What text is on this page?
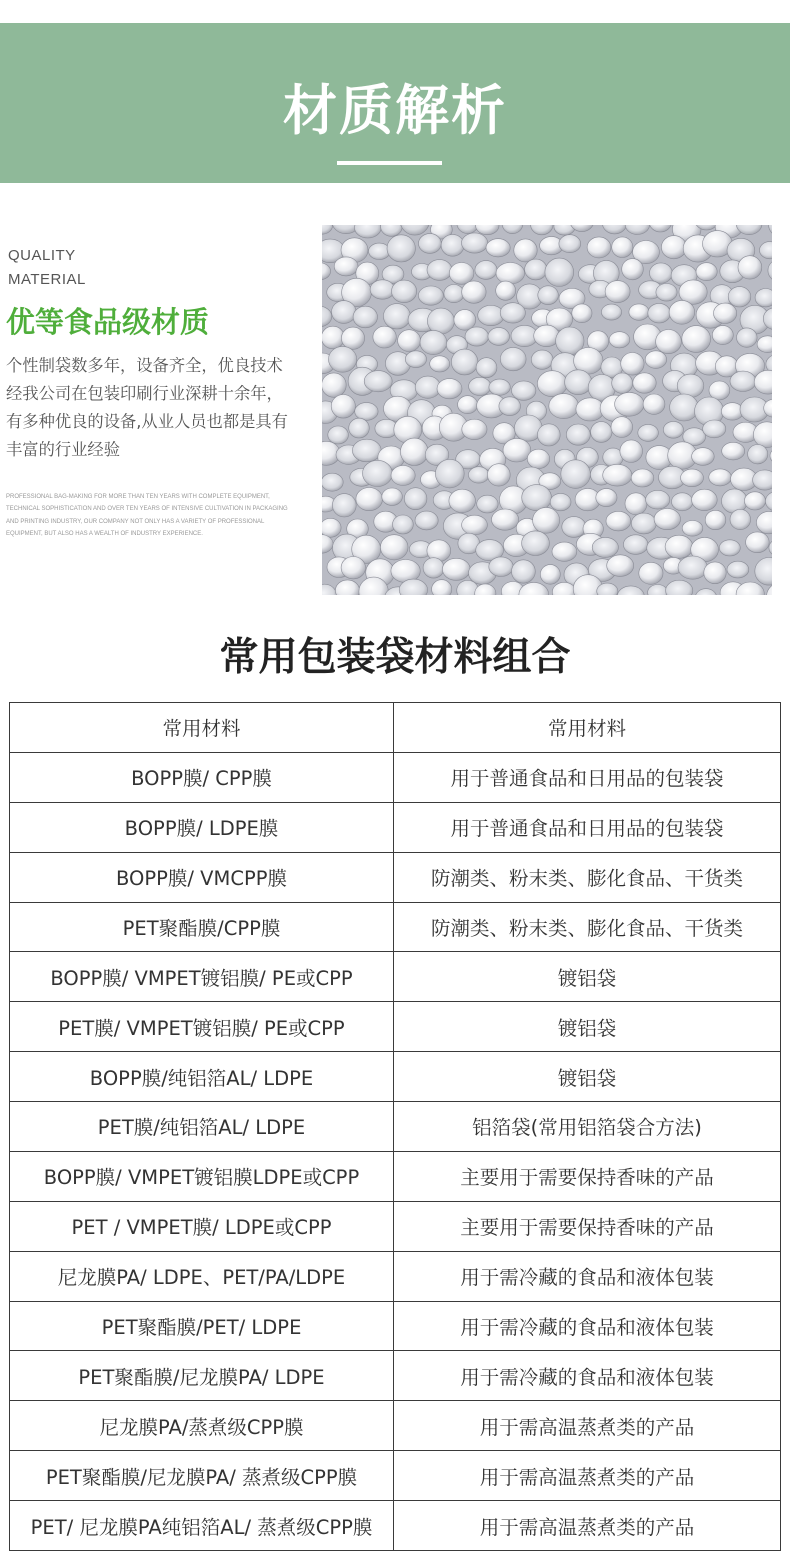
材质解析
QUALITY
MATERIAL
优等食品级材质
个性制袋数多年，设备齐全，优良技术
经我公司在包装印刷行业深耕十余年，
有多种优良的设备,从业人员也都是具有
丰富的行业经验
PROFESSIONAL BAG-MAKING FOR MORE THAN TEN YEARS WITH COMPLETE EQUIPMENT,
TECHNICAL SOPHISTICATION AND OVER TEN YEARS OF INTENSIVE CULTIVATION IN PACKAGING
AND PRINTING INDUSTRY, OUR COMPANY NOT ONLY HAS A VARIETY OF PROFESSIONAL
EQUIPMENT, BUT ALSO HAS A WEALTH OF INDUSTRY EXPERIENCE.
常用包装袋材料组合
常用材料	常用材料
BOPP膜/ CPP膜	用于普通食品和日用品的包装袋
BOPP膜/ LDPE膜	用于普通食品和日用品的包装袋
BOPP膜/ VMCPP膜	防潮类、粉末类、膨化食品、干货类
PET聚酯膜/CPP膜	防潮类、粉末类、膨化食品、干货类
BOPP膜/ VMPET镀铝膜/ PE或CPP	镀铝袋
PET膜/ VMPET镀铝膜/ PE或CPP	镀铝袋
BOPP膜/纯铝箔AL/ LDPE	镀铝袋
PET膜/纯铝箔AL/ LDPE	铝箔袋(常用铝箔袋合方法)
BOPP膜/ VMPET镀铝膜LDPE或CPP	主要用于需要保持香味的产品
PET / VMPET膜/ LDPE或CPP	主要用于需要保持香味的产品
尼龙膜PA/ LDPE、PET/PA/LDPE	用于需冷藏的食品和液体包装
PET聚酯膜/PET/ LDPE	用于需冷藏的食品和液体包装
PET聚酯膜/尼龙膜PA/ LDPE	用于需冷藏的食品和液体包装
尼龙膜PA/蒸煮级CPP膜	用于需高温蒸煮类的产品
PET聚酯膜/尼龙膜PA/ 蒸煮级CPP膜	用于需高温蒸煮类的产品
PET/ 尼龙膜PA纯铝箔AL/ 蒸煮级CPP膜	用于需高温蒸煮类的产品
